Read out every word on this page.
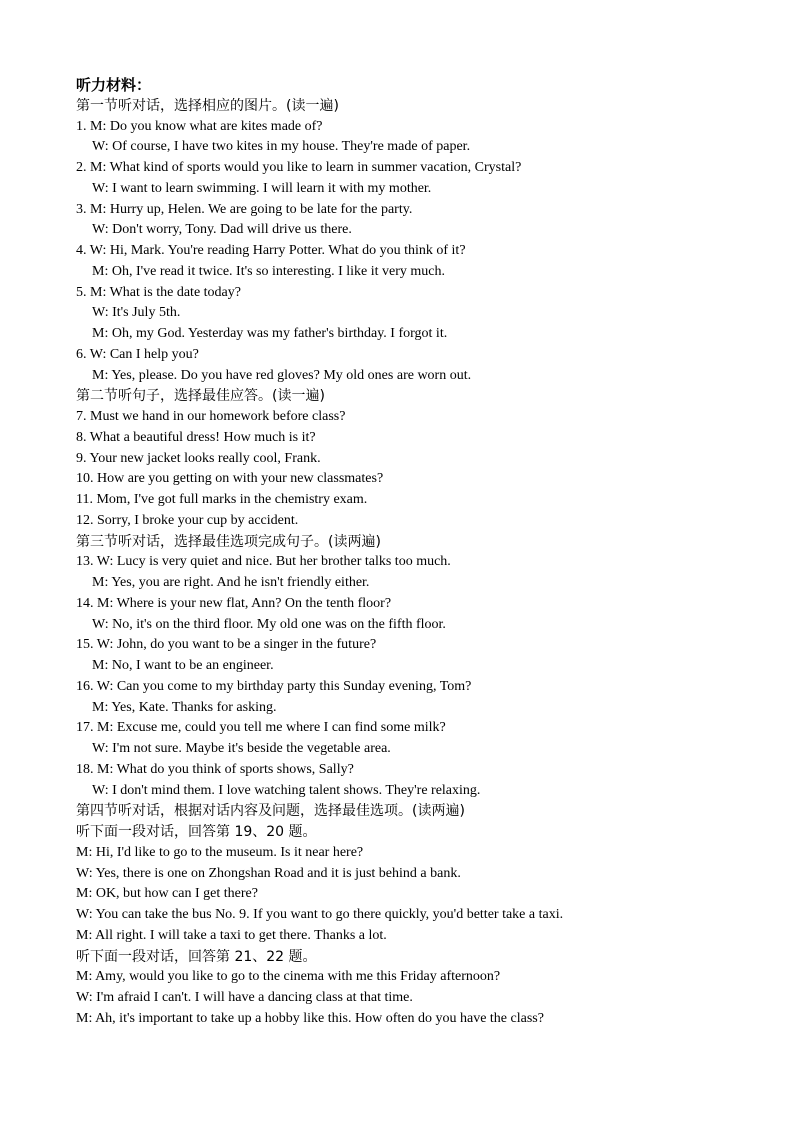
听力材料：
第一节听对话，选择相应的图片。(读一遍)
1. M: Do you know what are kites made of?
W: Of course, I have two kites in my house. They're made of paper.
2. M: What kind of sports would you like to learn in summer vacation, Crystal?
W: I want to learn swimming. I will learn it with my mother.
3. M: Hurry up, Helen. We are going to be late for the party.
W: Don't worry, Tony. Dad will drive us there.
4. W: Hi, Mark. You're reading Harry Potter. What do you think of it?
M: Oh, I've read it twice. It's so interesting. I like it very much.
5. M: What is the date today?
W: It's July 5th.
M: Oh, my God. Yesterday was my father's birthday. I forgot it.
6. W: Can I help you?
M: Yes, please. Do you have red gloves? My old ones are worn out.
第二节听句子，选择最佳应答。(读一遍)
7. Must we hand in our homework before class?
8. What a beautiful dress! How much is it?
9. Your new jacket looks really cool, Frank.
10. How are you getting on with your new classmates?
11. Mom, I've got full marks in the chemistry exam.
12. Sorry, I broke your cup by accident.
第三节听对话，选择最佳选项完成句子。(读两遍)
13. W: Lucy is very quiet and nice. But her brother talks too much.
M: Yes, you are right. And he isn't friendly either.
14. M: Where is your new flat, Ann? On the tenth floor?
W: No, it's on the third floor. My old one was on the fifth floor.
15. W: John, do you want to be a singer in the future?
M: No, I want to be an engineer.
16. W: Can you come to my birthday party this Sunday evening, Tom?
M: Yes, Kate. Thanks for asking.
17. M: Excuse me, could you tell me where I can find some milk?
W: I'm not sure. Maybe it's beside the vegetable area.
18. M: What do you think of sports shows, Sally?
W: I don't mind them. I love watching talent shows. They're relaxing.
第四节听对话，根据对话内容及问题，选择最佳选项。(读两遍)
听下面一段对话，回答第 19、20 题。
M: Hi, I'd like to go to the museum. Is it near here?
W: Yes, there is one on Zhongshan Road and it is just behind a bank.
M: OK, but how can I get there?
W: You can take the bus No. 9. If you want to go there quickly, you'd better take a taxi.
M: All right. I will take a taxi to get there. Thanks a lot.
听下面一段对话，回答第 21、22 题。
M: Amy, would you like to go to the cinema with me this Friday afternoon?
W: I'm afraid I can't. I will have a dancing class at that time.
M: Ah, it's important to take up a hobby like this. How often do you have the class?
